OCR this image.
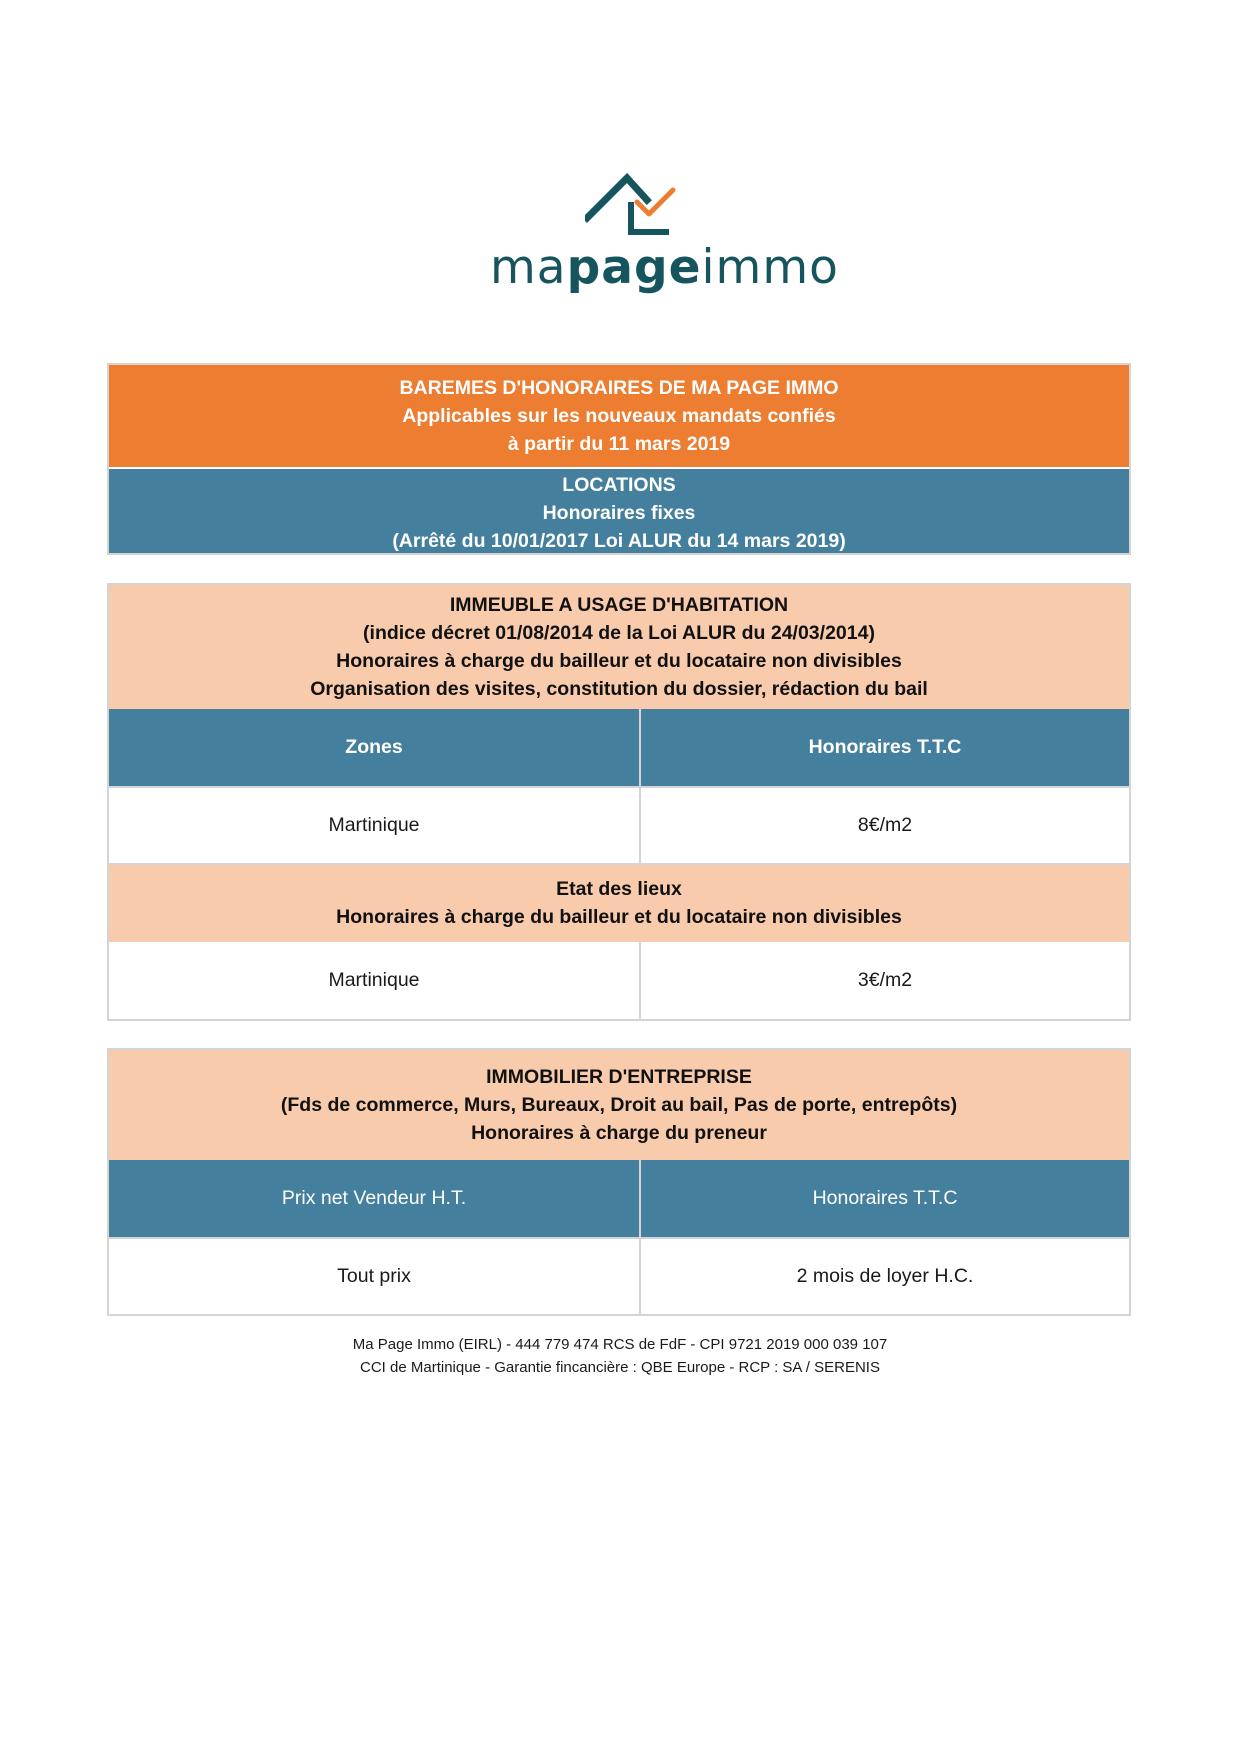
mapageimmo
BAREMES D'HONORAIRES DE MA PAGE IMMO
Applicables sur les nouveaux mandats confiés
à partir du 11 mars 2019
LOCATIONS
Honoraires fixes
(Arrêté du 10/01/2017 Loi ALUR du 14 mars 2019)
IMMEUBLE A USAGE D'HABITATION
(indice décret 01/08/2014 de la Loi ALUR du 24/03/2014)
Honoraires à charge du bailleur et du locataire non divisibles
Organisation des visites, constitution du dossier, rédaction du bail
Zones	Honoraires T.T.C
Martinique	8€/m2
Etat des lieux
Honoraires à charge du bailleur et du locataire non divisibles
Martinique	3€/m2
IMMOBILIER D'ENTREPRISE
(Fds de commerce, Murs, Bureaux, Droit au bail, Pas de porte, entrepôts)
Honoraires à charge du preneur
Prix net Vendeur H.T.	Honoraires T.T.C
Tout prix	2 mois de loyer H.C.
Ma Page Immo (EIRL) - 444 779 474 RCS de FdF - CPI 9721 2019 000 039 107
CCI de Martinique - Garantie fincancière : QBE Europe - RCP : SA / SERENIS
